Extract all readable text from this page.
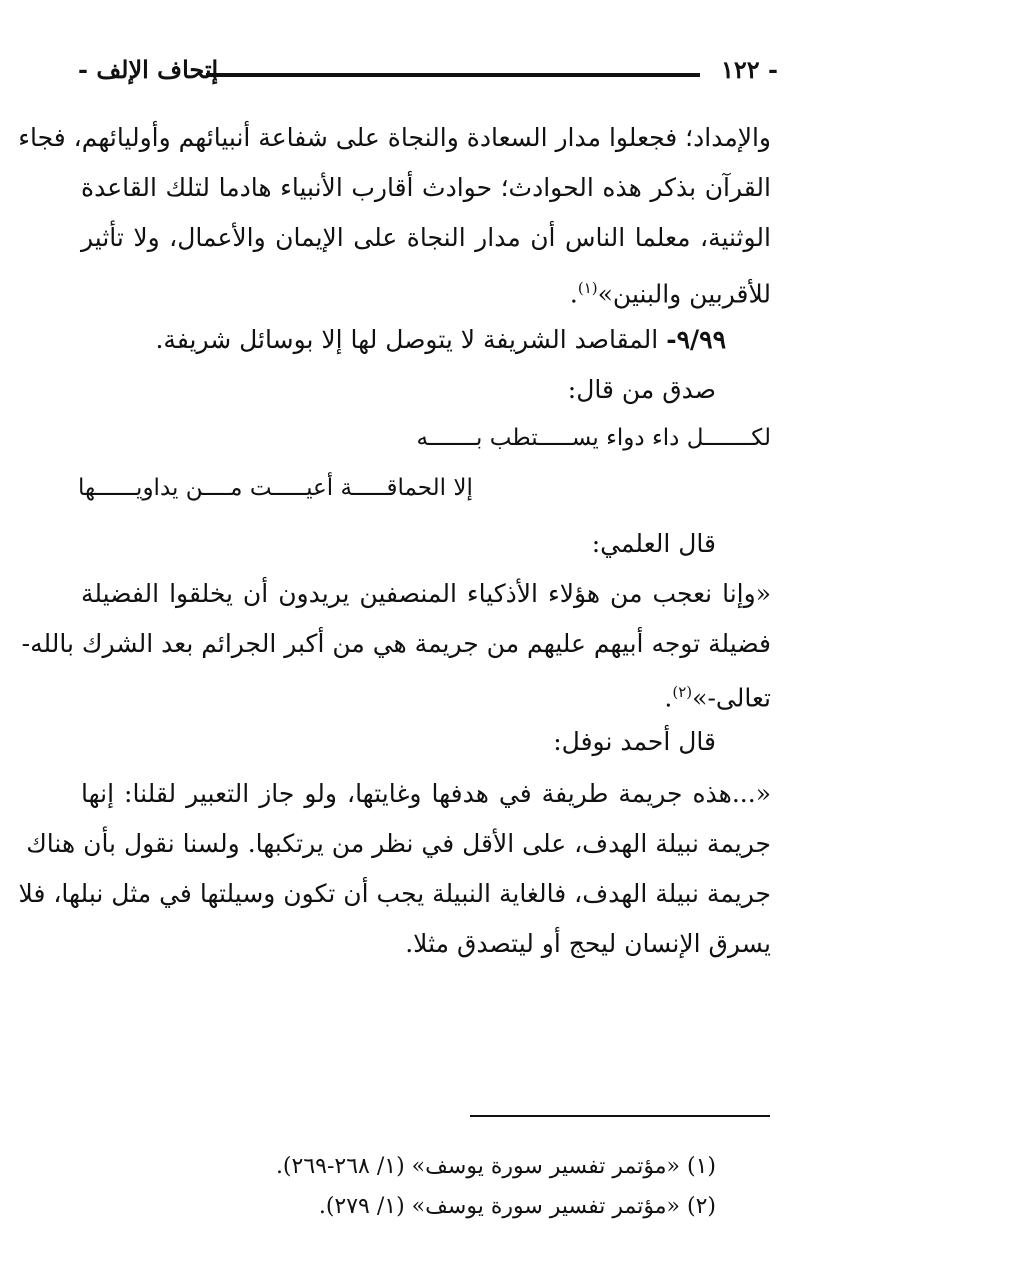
- ١٢٢
إتحاف الإلف -
والإمداد؛ فجعلوا مدار السعادة والنجاة على شفاعة أنبيائهم وأوليائهم، فجاء
القرآن بذكر هذه الحوادث؛ حوادث أقارب الأنبياء هادما لتلك القاعدة
الوثنية، معلما الناس أن مدار النجاة على الإيمان والأعمال، ولا تأثير
للأقربين والبنين»$^{(١)}$.
٩/٩٩- المقاصد الشريفة لا يتوصل لها إلا بوسائل شريفة.
صدق من قال:
لكـــــــل داء دواء يســـــتطب بـــــــه
إلا الحماقـــــة أعيـــــت مــــن يداويــــــها
قال العلمي:
«وإنا نعجب من هؤلاء الأذكياء المنصفين يريدون أن يخلقوا الفضيلة
فضيلة توجه أبيهم عليهم من جريمة هي من أكبر الجرائم بعد الشرك بالله-
تعالى-»$^{(٢)}$.
قال أحمد نوفل:
«...هذه جريمة طريفة في هدفها وغايتها، ولو جاز التعبير لقلنا: إنها
جريمة نبيلة الهدف، على الأقل في نظر من يرتكبها. ولسنا نقول بأن هناك
جريمة نبيلة الهدف، فالغاية النبيلة يجب أن تكون وسيلتها في مثل نبلها، فلا
يسرق الإنسان ليحج أو ليتصدق مثلا.
(١) «مؤتمر تفسير سورة يوسف» (١/ ٢٦٨-٢٦٩).
(٢) «مؤتمر تفسير سورة يوسف» (١/ ٢٧٩).
